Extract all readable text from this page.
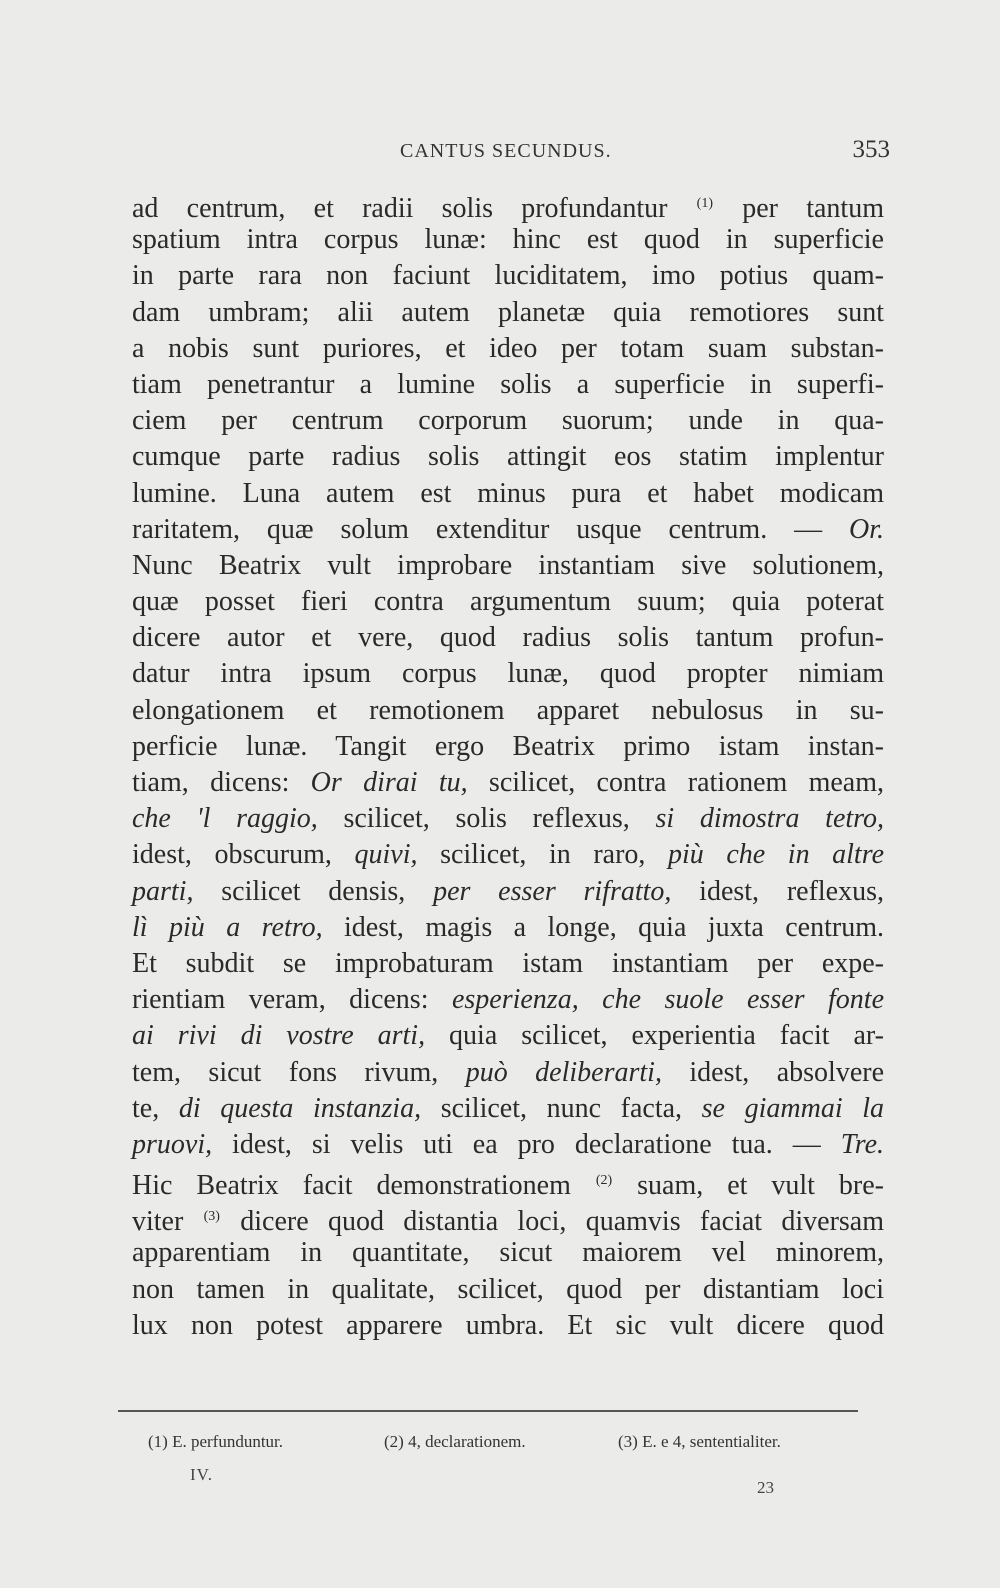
CANTUS SECUNDUS.	353
ad centrum, et radii solis profundantur $^{(1)}$ per tantum
spatium intra corpus lunæ: hinc est quod in superficie
in parte rara non faciunt luciditatem, imo potius quam-
dam umbram; alii autem planetæ quia remotiores sunt
a nobis sunt puriores, et ideo per totam suam substan-
tiam penetrantur a lumine solis a superficie in superfi-
ciem per centrum corporum suorum; unde in qua-
cumque parte radius solis attingit eos statim implentur
lumine. Luna autem est minus pura et habet modicam
raritatem, quæ solum extenditur usque centrum. — Or.
Nunc Beatrix vult improbare instantiam sive solutionem,
quæ posset fieri contra argumentum suum; quia poterat
dicere autor et vere, quod radius solis tantum profun-
datur intra ipsum corpus lunæ, quod propter nimiam
elongationem et remotionem apparet nebulosus in su-
perficie lunæ. Tangit ergo Beatrix primo istam instan-
tiam, dicens: Or dirai tu, scilicet, contra rationem meam,
che 'l raggio, scilicet, solis reflexus, si dimostra tetro,
idest, obscurum, quivi, scilicet, in raro, più che in altre
parti, scilicet densis, per esser rifratto, idest, reflexus,
lì più a retro, idest, magis a longe, quia juxta centrum.
Et subdit se improbaturam istam instantiam per expe-
rientiam veram, dicens: esperienza, che suole esser fonte
ai rivi di vostre arti, quia scilicet, experientia facit ar-
tem, sicut fons rivum, può deliberarti, idest, absolvere
te, di questa instanzia, scilicet, nunc facta, se giammai la
pruovi, idest, si velis uti ea pro declaratione tua. — Tre.
Hic Beatrix facit demonstrationem $^{(2)}$ suam, et vult bre-
viter $^{(3)}$ dicere quod distantia loci, quamvis faciat diversam
apparentiam in quantitate, sicut maiorem vel minorem,
non tamen in qualitate, scilicet, quod per distantiam loci
lux non potest apparere umbra. Et sic vult dicere quod
(1) E. perfunduntur.	(2) 4, declarationem.	(3) E. e 4, sententialiter.
IV.
23
